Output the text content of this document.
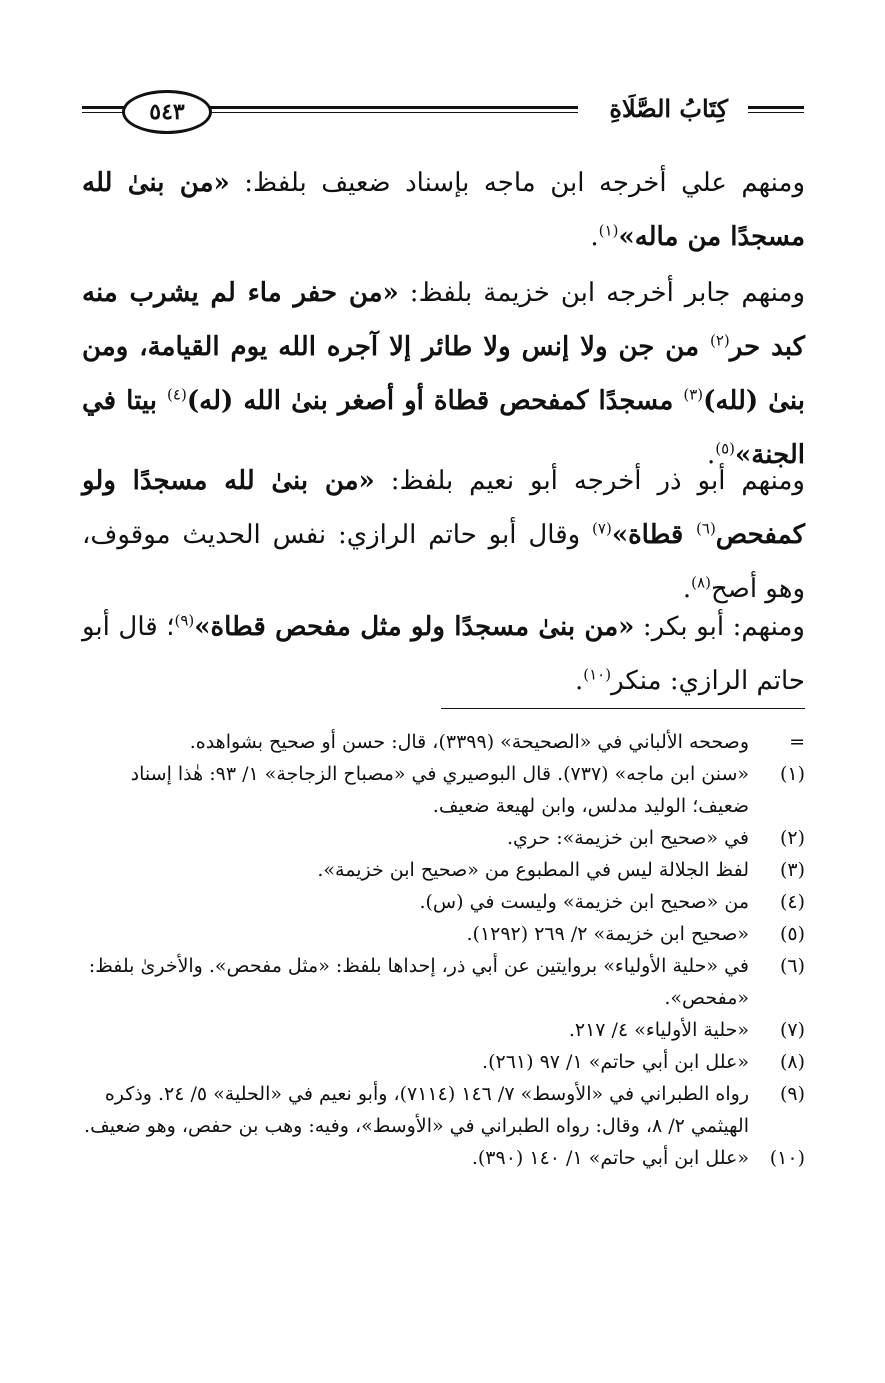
كِتَابُ الصَّلَاةِ
٥٤٣

ومنهم علي أخرجه ابن ماجه بإسناد ضعيف بلفظ: «من بنىٰ لله مسجدًا من ماله»$^{(١)}$.

ومنهم جابر أخرجه ابن خزيمة بلفظ: «من حفر ماء لم يشرب منه كبد حر$^{(٢)}$ من جن ولا إنس ولا طائر إلا آجره الله يوم القيامة، ومن بنىٰ (لله)$^{(٣)}$ مسجدًا كمفحص قطاة أو أصغر بنىٰ الله (له)$^{(٤)}$ بيتا في الجنة»$^{(٥)}$.

ومنهم أبو ذر أخرجه أبو نعيم بلفظ: «من بنىٰ لله مسجدًا ولو كمفحص$^{(٦)}$ قطاة»$^{(٧)}$ وقال أبو حاتم الرازي: نفس الحديث موقوف، وهو أصح$^{(٨)}$.

ومنهم: أبو بكر: «من بنىٰ مسجدًا ولو مثل مفحص قطاة»$^{(٩)}$؛ قال أبو حاتم الرازي: منكر$^{(١٠)}$.

=
وصححه الألباني في «الصحيحة» (٣٣٩٩)، قال: حسن أو صحيح بشواهده.

(١)
«سنن ابن ماجه» (٧٣٧). قال البوصيري في «مصباح الزجاجة» ١/ ٩٣: هٰذا إسناد ضعيف؛ الوليد مدلس، وابن لهيعة ضعيف.

(٢)
في «صحيح ابن خزيمة»: حري.

(٣)
لفظ الجلالة ليس في المطبوع من «صحيح ابن خزيمة».

(٤)
من «صحيح ابن خزيمة» وليست في (س).

(٥)
«صحيح ابن خزيمة» ٢/ ٢٦٩ (١٢٩٢).

(٦)
في «حلية الأولياء» بروايتين عن أبي ذر، إحداها بلفظ: «مثل مفحص». والأخرىٰ بلفظ: «مفحص».

(٧)
«حلية الأولياء» ٤/ ٢١٧.

(٨)
«علل ابن أبي حاتم» ١/ ٩٧ (٢٦١).

(٩)
رواه الطبراني في «الأوسط» ٧/ ١٤٦ (٧١١٤)، وأبو نعيم في «الحلية» ٥/ ٢٤. وذكره الهيثمي ٢/ ٨، وقال: رواه الطبراني في «الأوسط»، وفيه: وهب بن حفص، وهو ضعيف.

(١٠)
«علل ابن أبي حاتم» ١/ ١٤٠ (٣٩٠).
